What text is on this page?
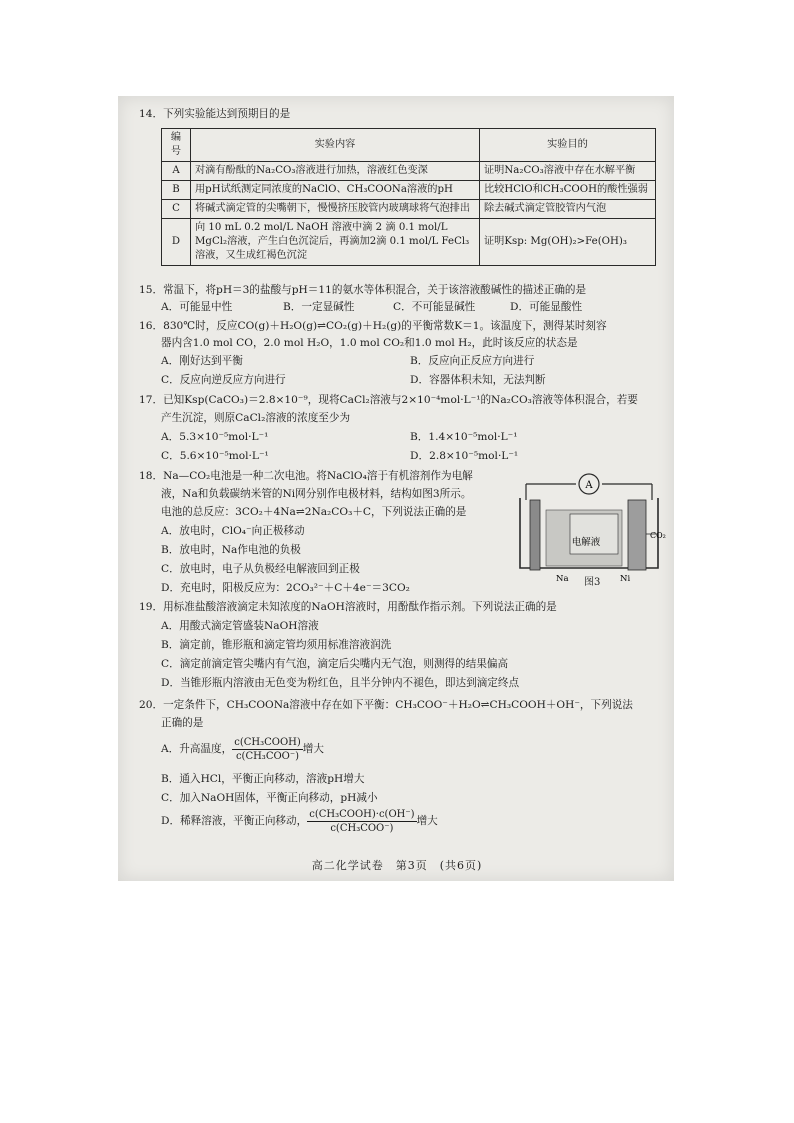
14．下列实验能达到预期目的是
编号	实验内容	实验目的
A	对滴有酚酞的Na₂CO₃溶液进行加热，溶液红色变深	证明Na₂CO₃溶液中存在水解平衡
B	用pH试纸测定同浓度的NaClO、CH₃COONa溶液的pH	比较HClO和CH₃COOH的酸性强弱
C	将碱式滴定管的尖嘴朝下，慢慢挤压胶管内玻璃球将气泡排出	除去碱式滴定管胶管内气泡
D	向 10 mL 0.2 mol/L NaOH 溶液中滴 2 滴 0.1 mol/L MgCl₂溶液，产生白色沉淀后，再滴加2滴 0.1 mol/L FeCl₃溶液，又生成红褐色沉淀	证明Ksp: Mg(OH)₂>Fe(OH)₃
15．常温下，将pH＝3的盐酸与pH＝11的氨水等体积混合，关于该溶液酸碱性的描述正确的是
A．可能显中性	B．一定显碱性	C．不可能显碱性	D．可能显酸性
16．830℃时，反应CO(g)＋H₂O(g)⇌CO₂(g)＋H₂(g)的平衡常数K＝1。该温度下，测得某时刻容
器内含1.0 mol CO，2.0 mol H₂O，1.0 mol CO₂和1.0 mol H₂，此时该反应的状态是
A．刚好达到平衡	B．反应向正反应方向进行
C．反应向逆反应方向进行	D．容器体积未知，无法判断
17．已知Ksp(CaCO₃)＝2.8×10⁻⁹，现将CaCl₂溶液与2×10⁻⁴mol·L⁻¹的Na₂CO₃溶液等体积混合，若要
产生沉淀，则原CaCl₂溶液的浓度至少为
A．5.3×10⁻⁵mol·L⁻¹	B．1.4×10⁻⁵mol·L⁻¹
C．5.6×10⁻⁵mol·L⁻¹	D．2.8×10⁻⁵mol·L⁻¹
18．Na—CO₂电池是一种二次电池。将NaClO₄溶于有机溶剂作为电解
液，Na和负载碳纳米管的Ni网分别作电极材料，结构如图3所示。
电池的总反应：3CO₂＋4Na⇌2Na₂CO₃＋C，下列说法正确的是
A．放电时，ClO₄⁻向正极移动
B．放电时，Na作电池的负极
C．放电时，电子从负极经电解液回到正极
D．充电时，阳极反应为：2CO₃²⁻＋C＋4e⁻＝3CO₂
A
电解液
CO₂
Na	Ni
图3
19．用标准盐酸溶液滴定未知浓度的NaOH溶液时，用酚酞作指示剂。下列说法正确的是
A．用酸式滴定管盛装NaOH溶液
B．滴定前，锥形瓶和滴定管均须用标准溶液润洗
C．滴定前滴定管尖嘴内有气泡，滴定后尖嘴内无气泡，则测得的结果偏高
D．当锥形瓶内溶液由无色变为粉红色，且半分钟内不褪色，即达到滴定终点
20．一定条件下，CH₃COONa溶液中存在如下平衡：CH₃COO⁻＋H₂O⇌CH₃COOH＋OH⁻，下列说法
正确的是
A．升高温度， $\frac{\text{c(CH₃COOH)}}{\text{c(CH₃COO⁻)}}$ 增大
B．通入HCl，平衡正向移动，溶液pH增大
C．加入NaOH固体，平衡正向移动，pH减小
D．稀释溶液，平衡正向移动， $\frac{\text{c(CH₃COOH)·c(OH⁻)}}{\text{c(CH₃COO⁻)}}$ 增大
高二化学试卷　第3页　(共6页)
